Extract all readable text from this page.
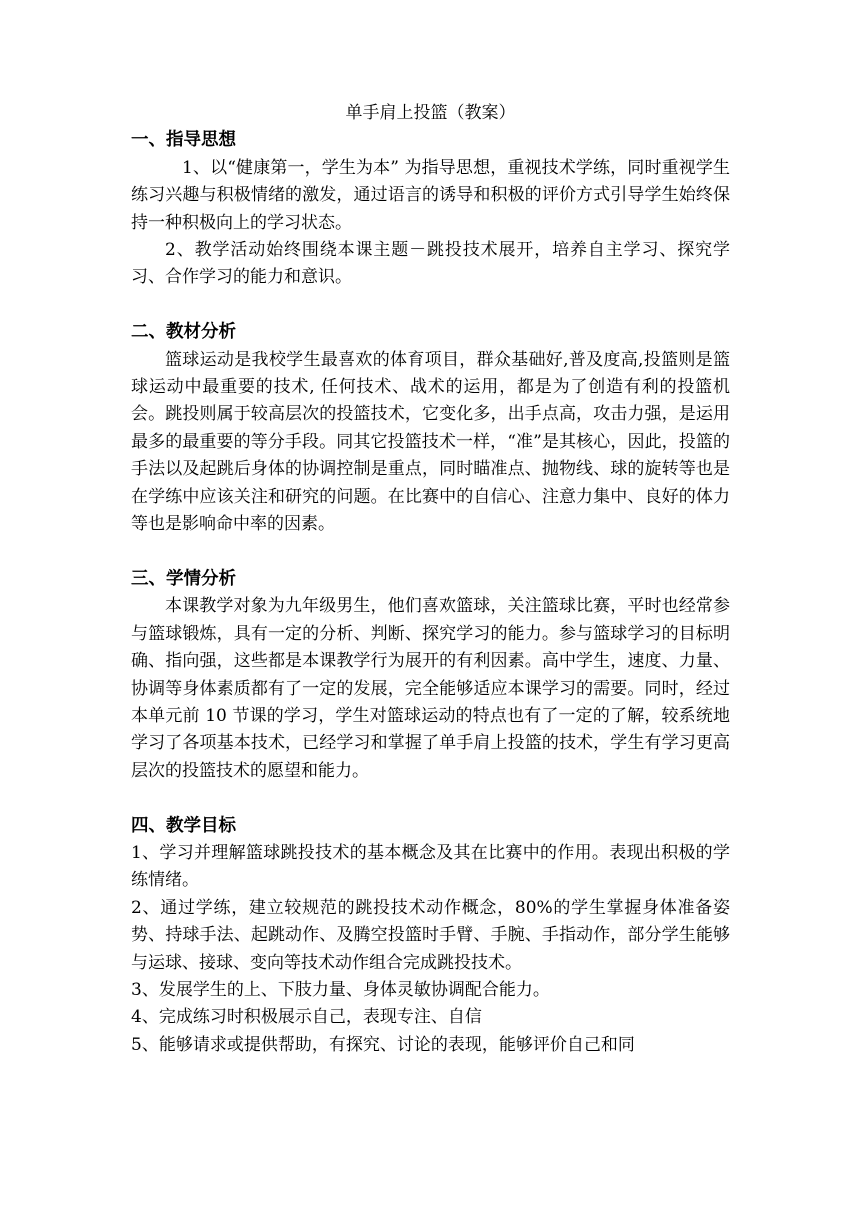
单手肩上投篮（教案）

一、指导思想

1、以“健康第一，学生为本” 为指导思想，重视技术学练，同时重视学生练习兴趣与积极情绪的激发，通过语言的诱导和积极的评价方式引导学生始终保持一种积极向上的学习状态。

2、教学活动始终围绕本课主题－跳投技术展开，培养自主学习、探究学习、合作学习的能力和意识。

二、教材分析

篮球运动是我校学生最喜欢的体育项目，群众基础好,普及度高,投篮则是篮球运动中最重要的技术, 任何技术、战术的运用，都是为了创造有利的投篮机会。跳投则属于较高层次的投篮技术，它变化多，出手点高，攻击力强，是运用最多的最重要的等分手段。同其它投篮技术一样，“准”是其核心，因此，投篮的手法以及起跳后身体的协调控制是重点，同时瞄准点、抛物线、球的旋转等也是在学练中应该关注和研究的问题。在比赛中的自信心、注意力集中、良好的体力等也是影响命中率的因素。

三、学情分析

本课教学对象为九年级男生，他们喜欢篮球，关注篮球比赛，平时也经常参与篮球锻炼，具有一定的分析、判断、探究学习的能力。参与篮球学习的目标明确、指向强，这些都是本课教学行为展开的有利因素。高中学生，速度、力量、协调等身体素质都有了一定的发展，完全能够适应本课学习的需要。同时，经过本单元前 10 节课的学习，学生对篮球运动的特点也有了一定的了解，较系统地学习了各项基本技术，已经学习和掌握了单手肩上投篮的技术，学生有学习更高层次的投篮技术的愿望和能力。

四、教学目标

1、学习并理解篮球跳投技术的基本概念及其在比赛中的作用。表现出积极的学练情绪。

2、通过学练，建立较规范的跳投技术动作概念，80%的学生掌握身体准备姿势、持球手法、起跳动作、及腾空投篮时手臂、手腕、手指动作，部分学生能够与运球、接球、变向等技术动作组合完成跳投技术。

3、发展学生的上、下肢力量、身体灵敏协调配合能力。

4、完成练习时积极展示自己，表现专注、自信

5、能够请求或提供帮助，有探究、讨论的表现，能够评价自己和同
